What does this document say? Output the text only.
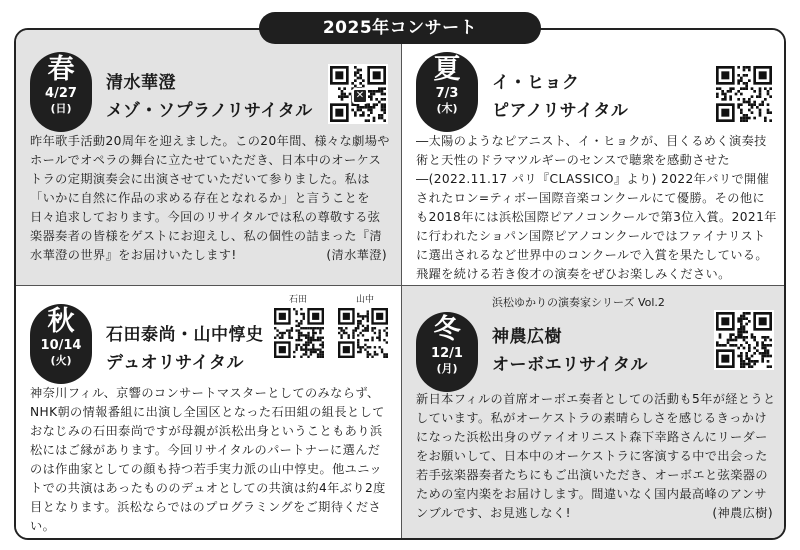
2025年コンサート
春
4/27
(日)
清水華澄
メゾ・ソプラノリサイタル
✕
昨年歌手活動20周年を迎えました。この20年間、様々な劇場やホールでオペラの舞台に立たせていただき、日本中のオーケストラの定期演奏会に出演させていただいて参りました。私は「いかに自然に作品の求める存在となれるか」と言うことを日々追求しております。今回のリサイタルでは私の尊敬する弦楽器奏者の皆様をゲストにお迎えし、私の個性の詰まった『清水華澄の世界』をお届けいたします!	(清水華澄)
夏
7/3
(木)
イ・ヒョク
ピアノリサイタル
―太陽のようなピアニスト、イ・ヒョクが、目くるめく演奏技術と天性のドラマツルギーのセンスで聴衆を感動させた―(2022.11.17 パリ『CLASSICO』より) 2022年パリで開催されたロン=ティボー国際音楽コンクールにて優勝。その他にも2018年には浜松国際ピアノコンクールで第3位入賞。2021年に行われたショパン国際ピアノコンクールではファイナリストに選出されるなど世界中のコンクールで入賞を果たしている。飛躍を続ける若き俊才の演奏をぜひお楽しみください。
秋
10/14
(火)
石田泰尚・山中惇史
デュオリサイタル
石田	山中
神奈川フィル、京響のコンサートマスターとしてのみならず、NHK朝の情報番組に出演し全国区となった石田組の組長としておなじみの石田泰尚ですが母親が浜松出身ということもあり浜松にはご縁があります。今回リサイタルのパートナーに選んだのは作曲家としての顔も持つ若手実力派の山中惇史。他ユニットでの共演はあったもののデュオとしての共演は約4年ぶり2度目となります。浜松ならではのプログラミングをご期待ください。
冬
12/1
(月)
浜松ゆかりの演奏家シリーズ Vol.2
神農広樹
オーボエリサイタル
新日本フィルの首席オーボエ奏者としての活動も5年が経とうとしています。私がオーケストラの素晴らしさを感じるきっかけになった浜松出身のヴァイオリニスト森下幸路さんにリーダーをお願いして、日本中のオーケストラに客演する中で出会った若手弦楽器奏者たちにもご出演いただき、オーボエと弦楽器のための室内楽をお届けします。間違いなく国内最高峰のアンサンブルです、お見逃しなく!	(神農広樹)
